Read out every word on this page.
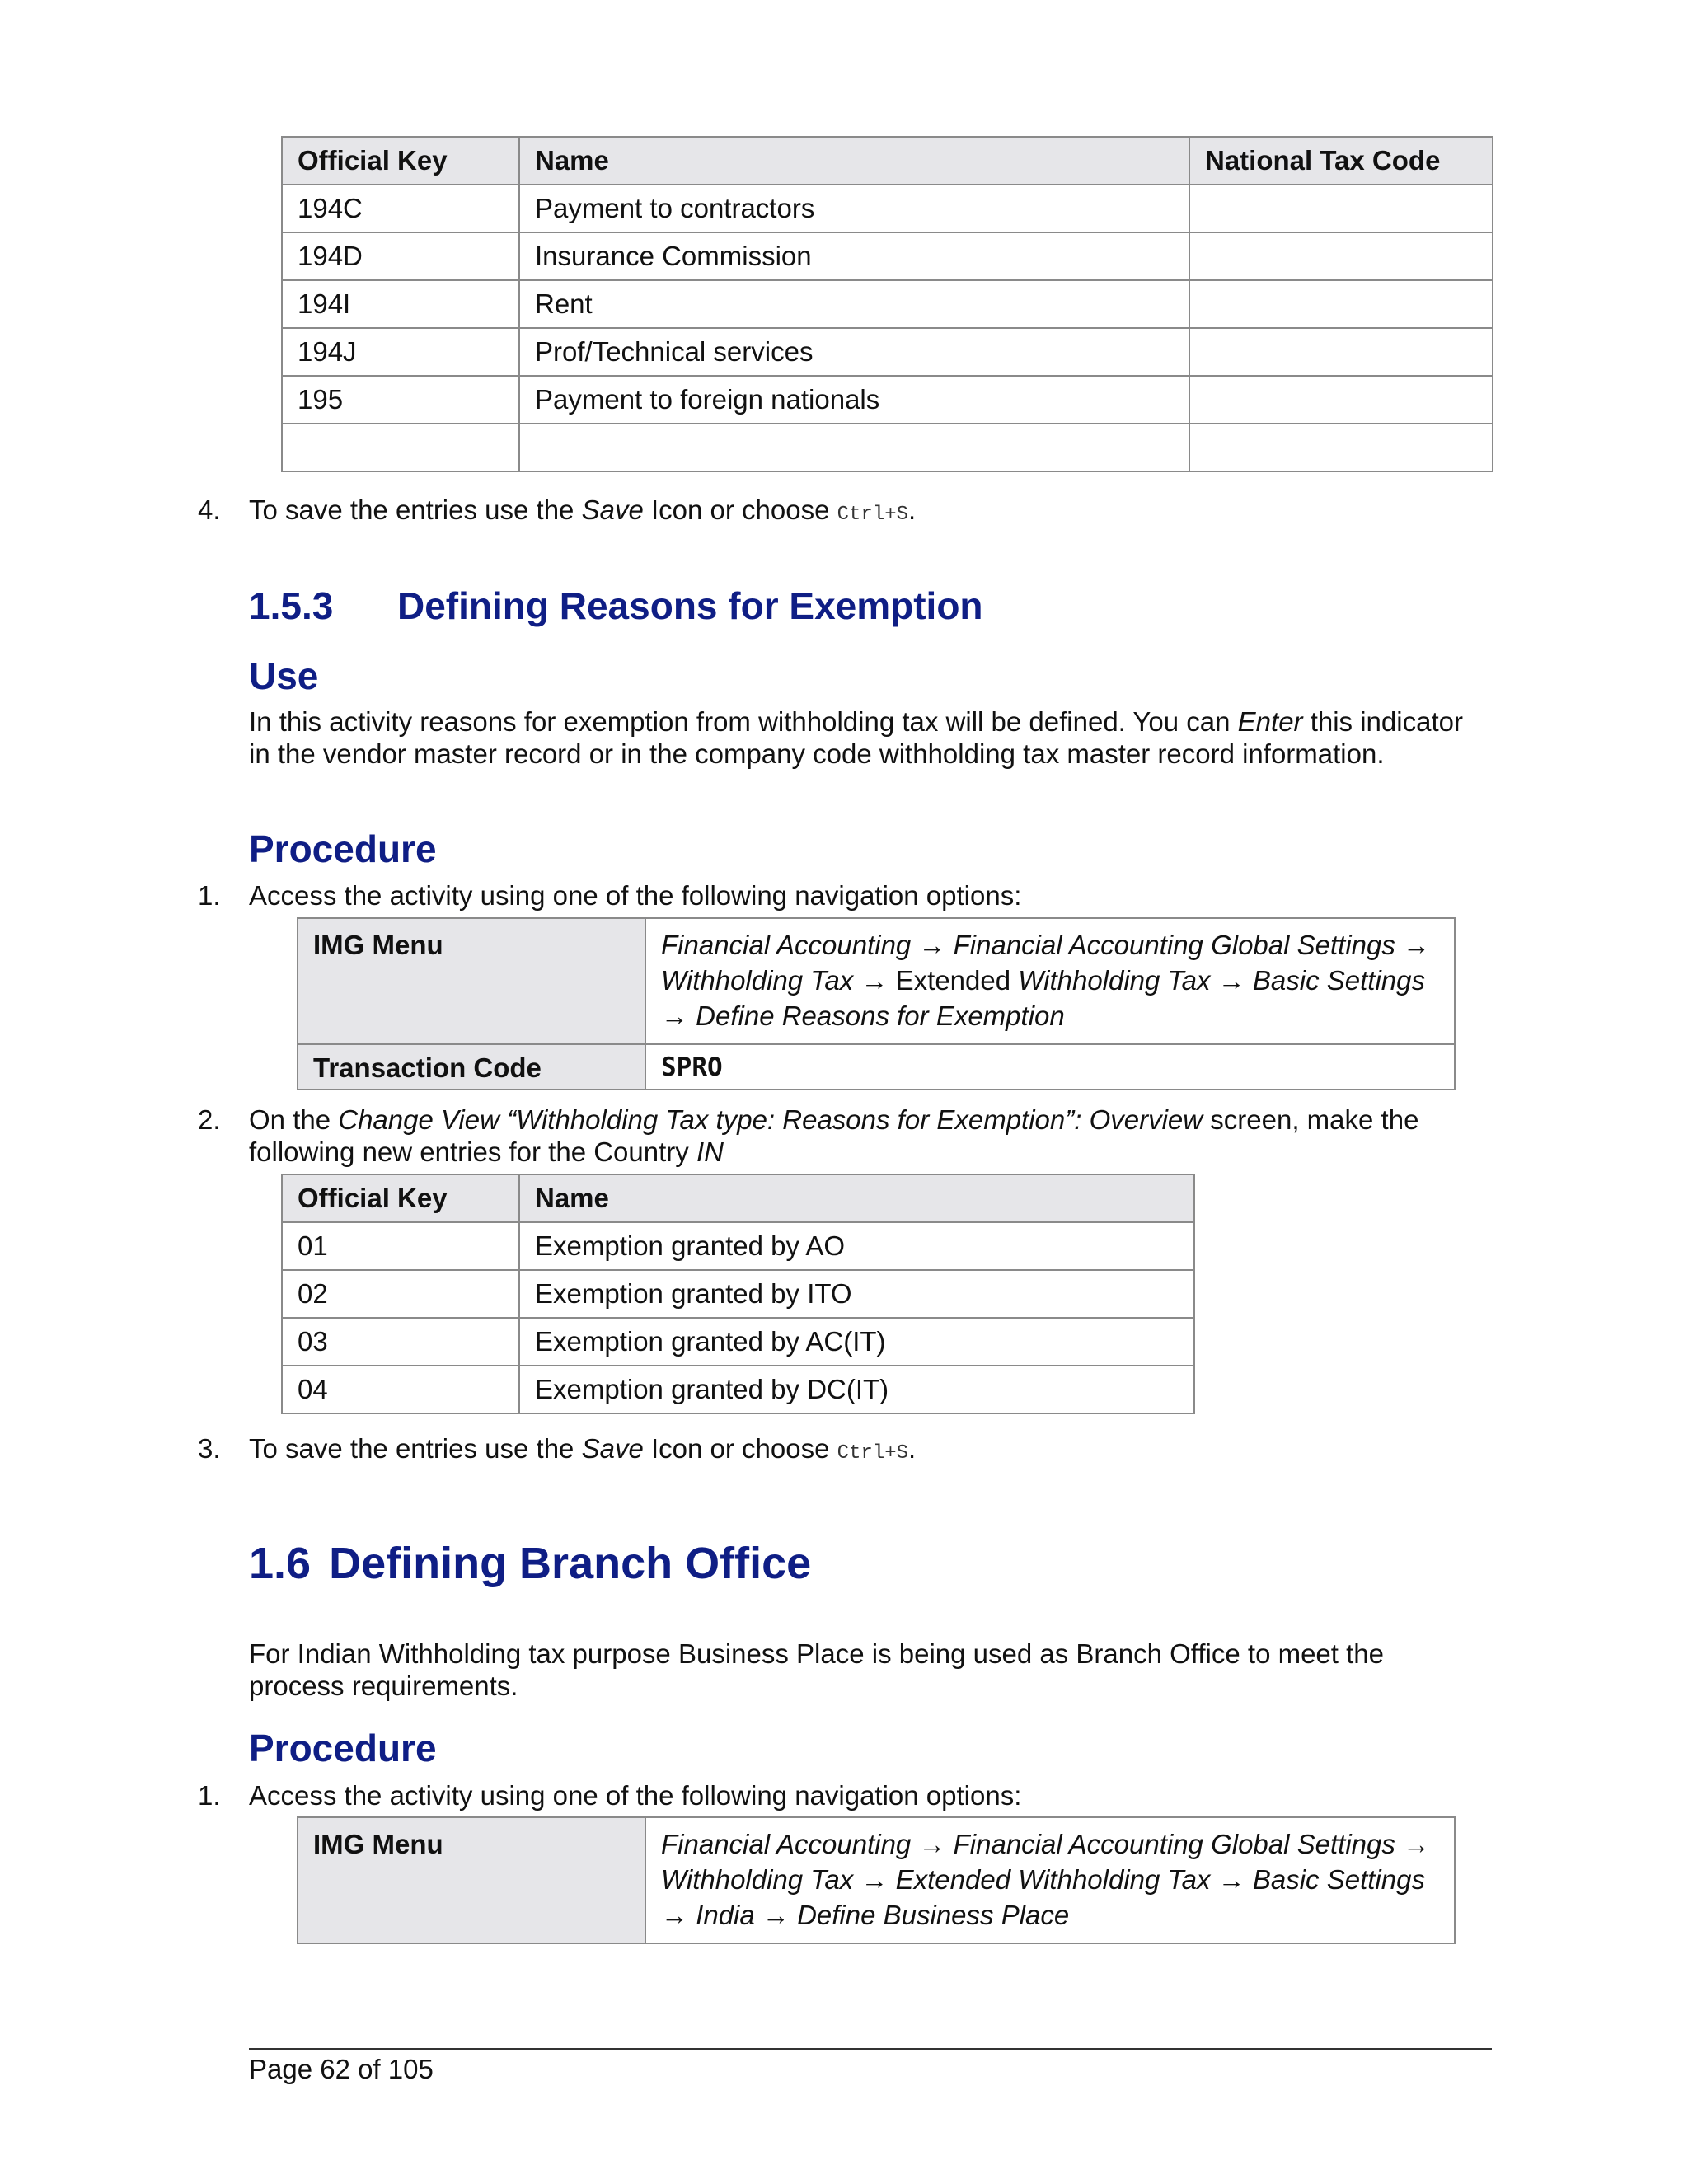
Official Key	Name	National Tax Code
194C	Payment to contractors	
194D	Insurance Commission	
194I	Rent	
194J	Prof/Technical services	
195	Payment to foreign nationals	

4. To save the entries use the Save Icon or choose Ctrl+S.
1.5.3 Defining Reasons for Exemption
Use

In this activity reasons for exemption from withholding tax will be defined. You can Enter this indicator in the vendor master record or in the company code withholding tax master record information.

Procedure
1. Access the activity using one of the following navigation options:
IMG Menu	Financial Accounting → Financial Accounting Global Settings → Withholding Tax → Extended Withholding Tax → Basic Settings → Define Reasons for Exemption
Transaction Code	SPRO
2. On the Change View “Withholding Tax type: Reasons for Exemption”: Overview screen, make the following new entries for the Country IN
Official Key	Name
01	Exemption granted by AO
02	Exemption granted by ITO
03	Exemption granted by AC(IT)
04	Exemption granted by DC(IT)
3. To save the entries use the Save Icon or choose Ctrl+S.
1.6 Defining Branch Office

For Indian Withholding tax purpose Business Place is being used as Branch Office to meet the process requirements.

Procedure
1. Access the activity using one of the following navigation options:
IMG Menu	Financial Accounting → Financial Accounting Global Settings → Withholding Tax → Extended Withholding Tax → Basic Settings → India → Define Business Place
Page 62 of 105
